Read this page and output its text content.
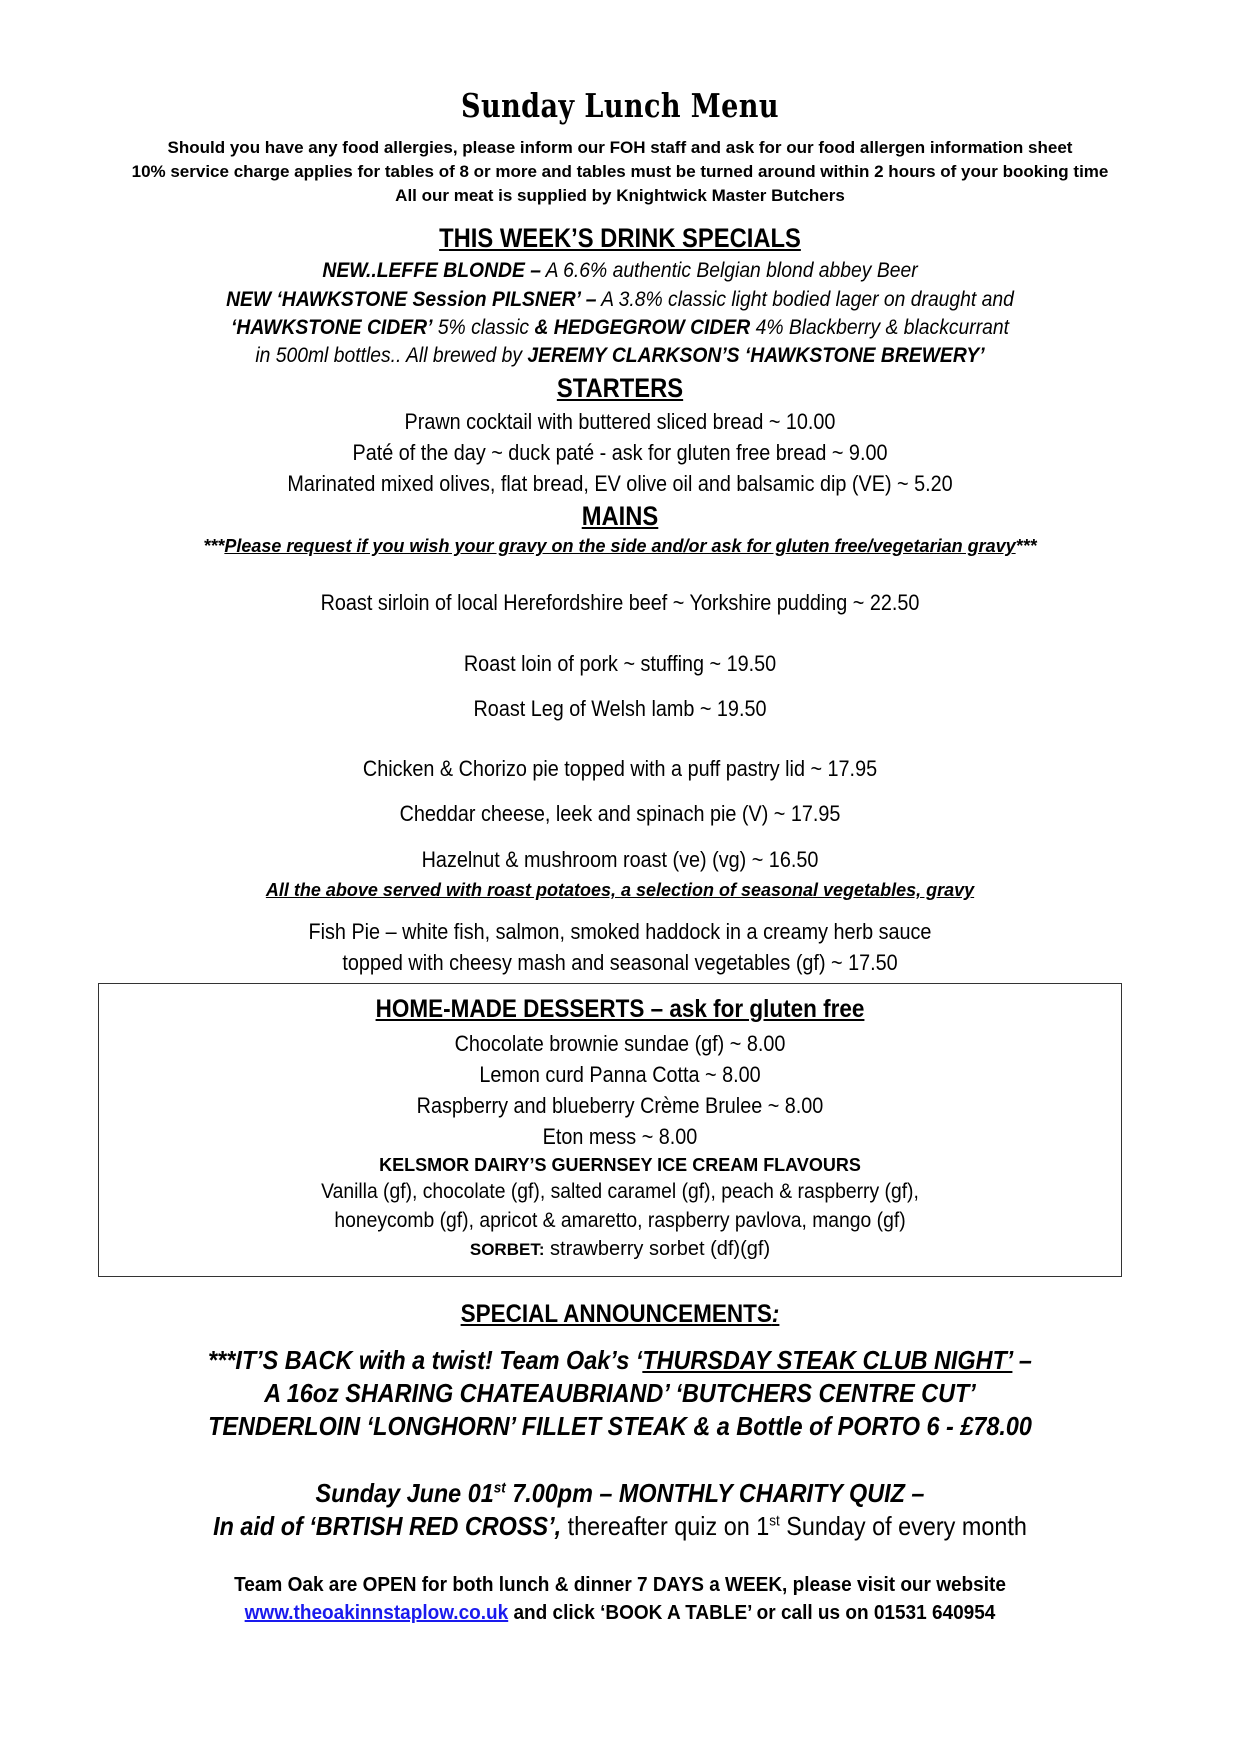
Sunday Lunch Menu
Should you have any food allergies, please inform our FOH staff and ask for our food allergen information sheet
10% service charge applies for tables of 8 or more and tables must be turned around within 2 hours of your booking time
All our meat is supplied by Knightwick Master Butchers
THIS WEEK’S DRINK SPECIALS
NEW..LEFFE BLONDE – A 6.6% authentic Belgian blond abbey Beer
NEW ‘HAWKSTONE Session PILSNER’ – A 3.8% classic light bodied lager on draught and
‘HAWKSTONE CIDER’ 5% classic & HEDGEGROW CIDER 4% Blackberry & blackcurrant
in 500ml bottles.. All brewed by JEREMY CLARKSON’S ‘HAWKSTONE BREWERY’
STARTERS
Prawn cocktail with buttered sliced bread ~ 10.00
Paté of the day ~ duck paté - ask for gluten free bread ~ 9.00
Marinated mixed olives, flat bread, EV olive oil and balsamic dip (VE) ~ 5.20
MAINS
***Please request if you wish your gravy on the side and/or ask for gluten free/vegetarian gravy***
Roast sirloin of local Herefordshire beef ~ Yorkshire pudding ~ 22.50
Roast loin of pork ~ stuffing ~ 19.50
Roast Leg of Welsh lamb ~ 19.50
Chicken & Chorizo pie topped with a puff pastry lid ~ 17.95
Cheddar cheese, leek and spinach pie (V) ~ 17.95
Hazelnut & mushroom roast (ve) (vg) ~ 16.50
All the above served with roast potatoes, a selection of seasonal vegetables, gravy
Fish Pie – white fish, salmon, smoked haddock in a creamy herb sauce
topped with cheesy mash and seasonal vegetables (gf) ~ 17.50
HOME-MADE DESSERTS – ask for gluten free
Chocolate brownie sundae (gf) ~ 8.00
Lemon curd Panna Cotta ~ 8.00
Raspberry and blueberry Crème Brulee ~ 8.00
Eton mess ~ 8.00
KELSMOR DAIRY’S GUERNSEY ICE CREAM FLAVOURS
Vanilla (gf), chocolate (gf), salted caramel (gf), peach & raspberry (gf),
honeycomb (gf), apricot & amaretto, raspberry pavlova, mango (gf)
SORBET: strawberry sorbet (df)(gf)
SPECIAL ANNOUNCEMENTS:
***IT’S BACK with a twist! Team Oak’s ‘THURSDAY STEAK CLUB NIGHT’ –
A 16oz SHARING CHATEAUBRIAND’ ‘BUTCHERS CENTRE CUT’
TENDERLOIN ‘LONGHORN’ FILLET STEAK & a Bottle of PORTO 6 - £78.00
Sunday June 01st 7.00pm – MONTHLY CHARITY QUIZ –
In aid of ‘BRTISH RED CROSS’, thereafter quiz on 1st Sunday of every month
Team Oak are OPEN for both lunch & dinner 7 DAYS a WEEK, please visit our website
www.theoakinnstaplow.co.uk and click ‘BOOK A TABLE’ or call us on 01531 640954
